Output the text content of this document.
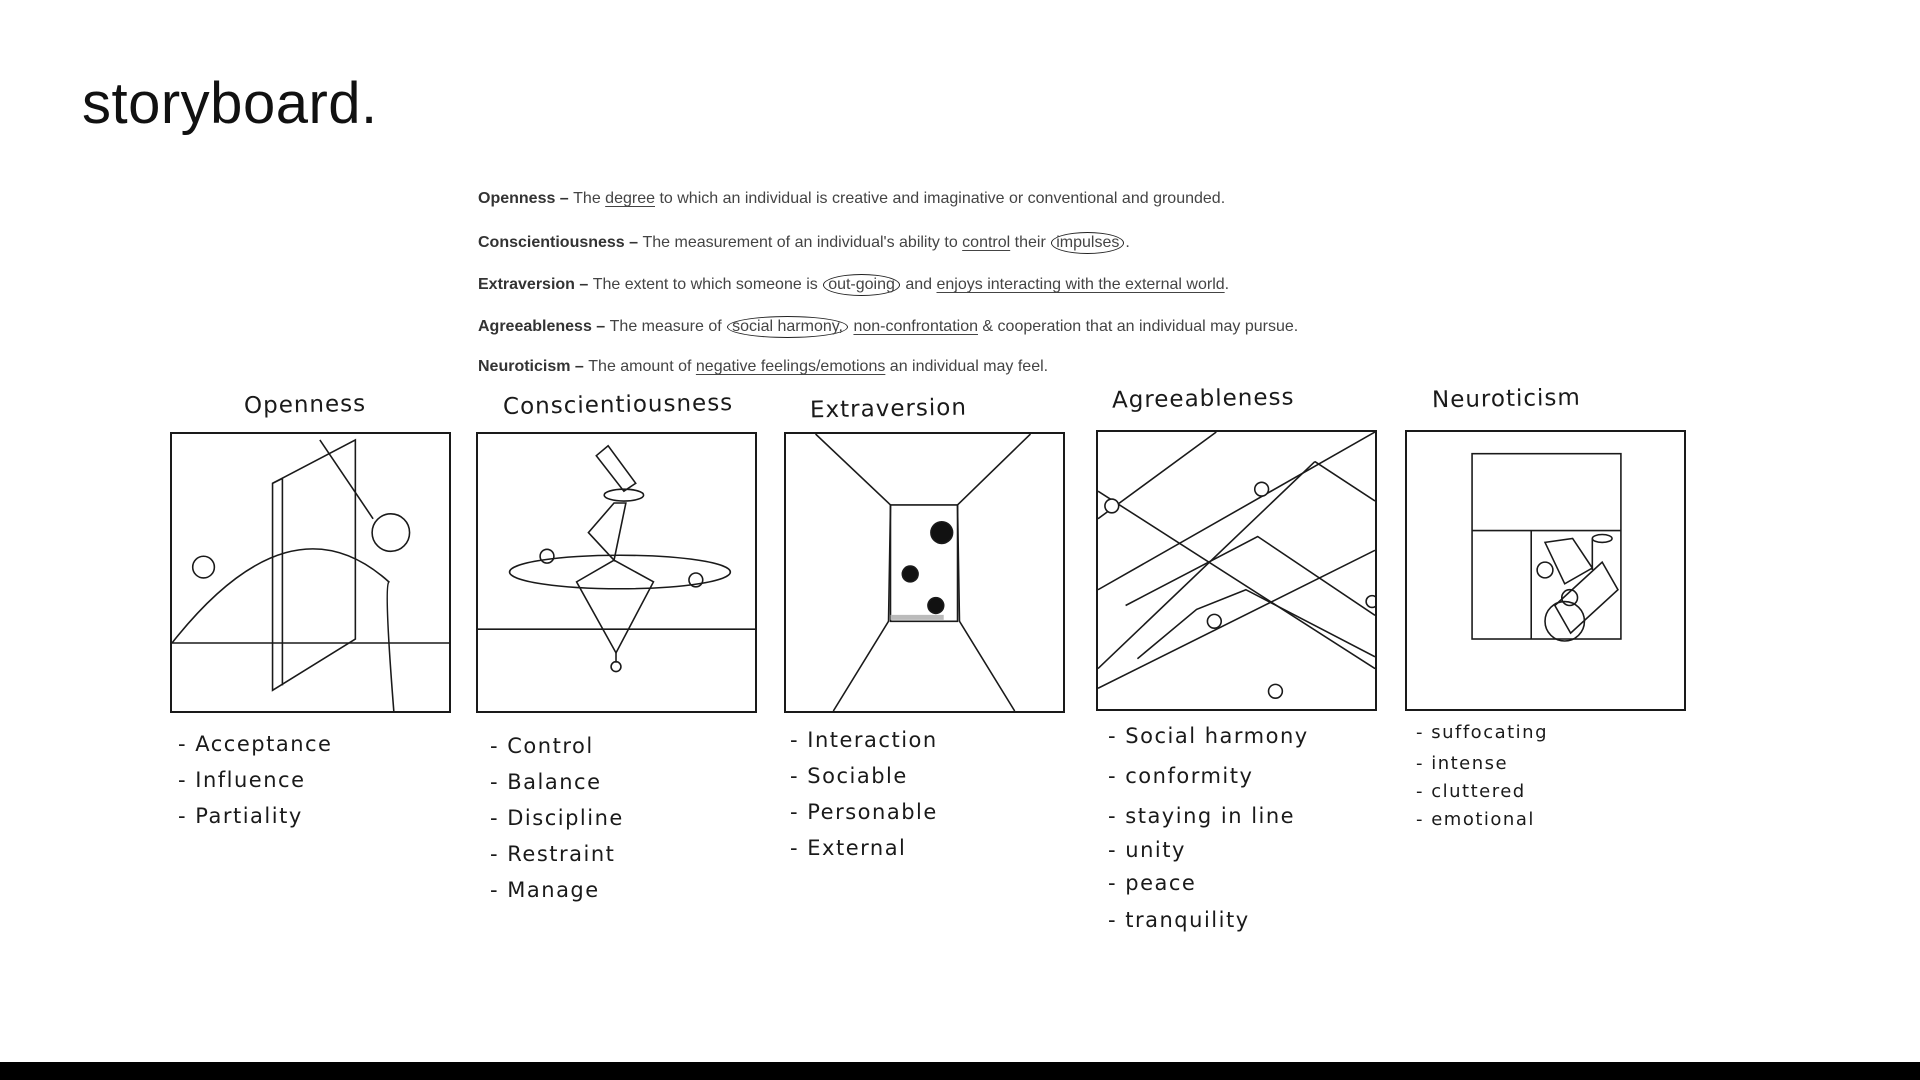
storyboard.
Openness – The degree to which an individual is creative and imaginative or conventional and grounded.
Conscientiousness – The measurement of an individual's ability to control their impulses .
Extraversion – The extent to which someone is out-going and enjoys interacting with the external world.
Agreeableness – The measure of social harmony, non-confrontation & cooperation that an individual may pursue.
Neuroticism – The amount of negative feelings/emotions an individual may feel.
Openness
- Acceptance
- Influence
- Partiality
Conscientiousness
- Control
- Balance
- Discipline
- Restraint
- Manage
Extraversion
- Interaction
- Sociable
- Personable
- External
Agreeableness
- Social harmony
- conformity
- staying in line
- unity
- peace
- tranquility
Neuroticism
- suffocating
- intense
- cluttered
- emotional
